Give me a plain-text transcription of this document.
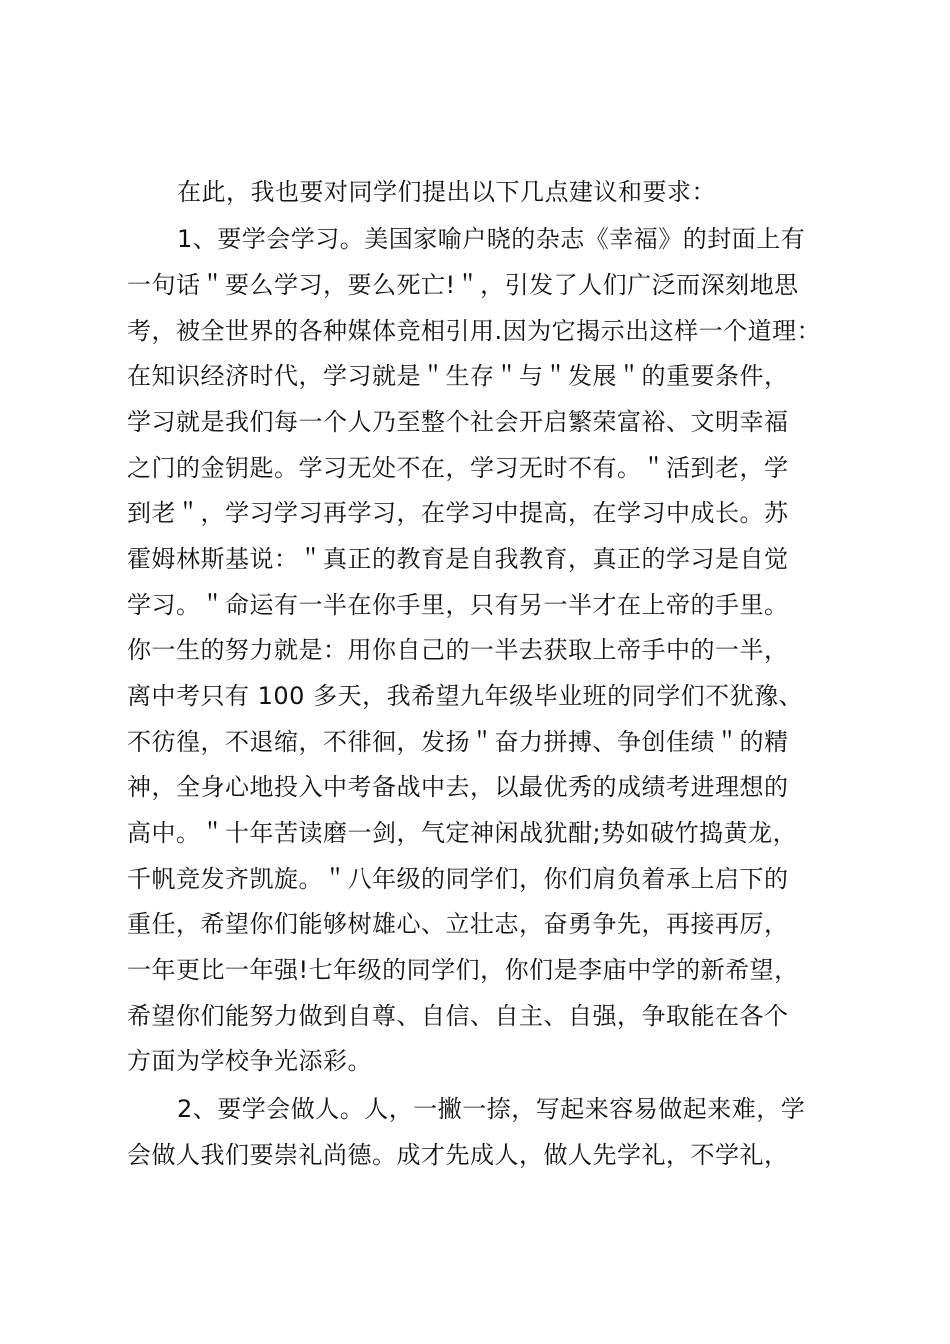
在此，我也要对同学们提出以下几点建议和要求：
1、要学会学习。美国家喻户晓的杂志《幸福》的封面上有
一句话＂要么学习，要么死亡!＂，引发了人们广泛而深刻地思
考，被全世界的各种媒体竞相引用.因为它揭示出这样一个道理：
在知识经济时代，学习就是＂生存＂与＂发展＂的重要条件，
学习就是我们每一个人乃至整个社会开启繁荣富裕、文明幸福
之门的金钥匙。学习无处不在，学习无时不有。＂活到老，学
到老＂，学习学习再学习，在学习中提高，在学习中成长。苏
霍姆林斯基说：＂真正的教育是自我教育，真正的学习是自觉
学习。＂命运有一半在你手里，只有另一半才在上帝的手里。
你一生的努力就是：用你自己的一半去获取上帝手中的一半，
离中考只有 100 多天，我希望九年级毕业班的同学们不犹豫、
不彷徨，不退缩，不徘徊，发扬＂奋力拼搏、争创佳绩＂的精
神，全身心地投入中考备战中去，以最优秀的成绩考进理想的
高中。＂十年苦读磨一剑，气定神闲战犹酣;势如破竹捣黄龙，
千帆竞发齐凯旋。＂八年级的同学们，你们肩负着承上启下的
重任，希望你们能够树雄心、立壮志，奋勇争先，再接再厉，
一年更比一年强!七年级的同学们，你们是李庙中学的新希望，
希望你们能努力做到自尊、自信、自主、自强，争取能在各个
方面为学校争光添彩。
2、要学会做人。人，一撇一捺，写起来容易做起来难，学
会做人我们要崇礼尚德。成才先成人，做人先学礼，不学礼，
